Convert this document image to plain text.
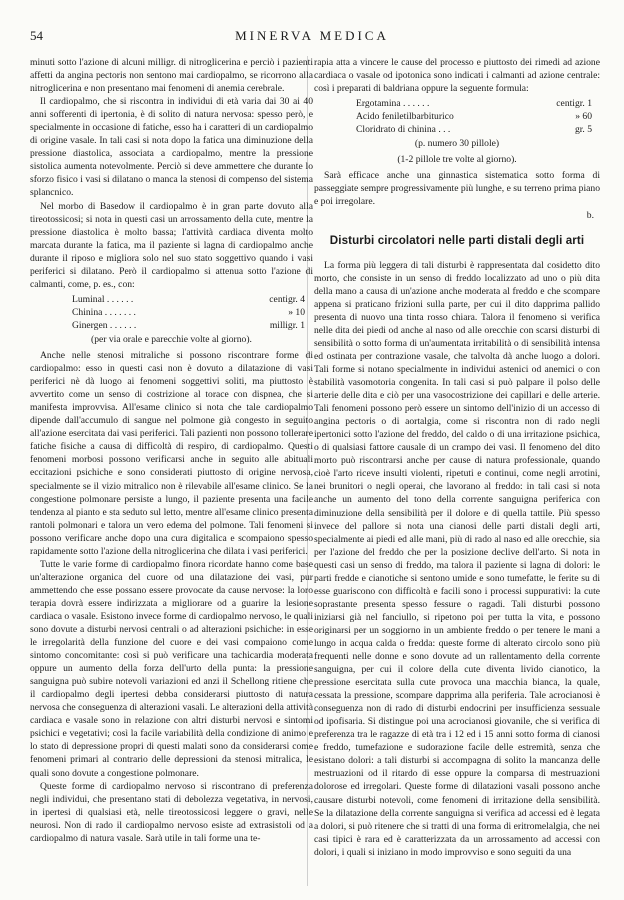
54	MINERVA MEDICA

minuti sotto l'azione di alcuni milligr. di nitroglicerina e perciò i pazienti affetti da angina pectoris non sentono mai cardiopalmo, se ricorrono alla nitroglicerina e non presentano mai fenomeni di anemia cerebrale.

Il cardiopalmo, che si riscontra in individui di età varia dai 30 ai 40 anni sofferenti di ipertonia, è di solito di natura nervosa: spesso però, e specialmente in occasione di fatiche, esso ha i caratteri di un cardiopalmo di origine vasale. In tali casi si nota dopo la fatica una diminuzione della pressione diastolica, associata a cardiopalmo, mentre la pressione sistolica aumenta notevolmente. Perciò si deve ammettere che durante lo sforzo fisico i vasi si dilatano o manca la stenosi di compenso del sistema splancnico.

Nel morbo di Basedow il cardiopalmo è in gran parte dovuto alla tireotossicosi; si nota in questi casi un arrossamento della cute, mentre la pressione diastolica è molto bassa; l'attività cardiaca diventa molto marcata durante la fatica, ma il paziente si lagna di cardiopalmo anche durante il riposo e migliora solo nel suo stato soggettivo quando i vasi periferici si dilatano. Però il cardiopalmo si attenua sotto l'azione di calmanti, come, p. es., con:

Luminal . . . . . .	centigr. 4
Chinina . . . . . . .	» 10
Ginergen . . . . . .	milligr. 1
(per via orale e parecchie volte al giorno).

Anche nelle stenosi mitraliche si possono riscontrare forme di cardiopalmo: esso in questi casi non è dovuto a dilatazione di vasi periferici nè dà luogo ai fenomeni soggettivi soliti, ma piuttosto è avvertito come un senso di costrizione al torace con dispnea, che si manifesta improvvisa. All'esame clinico si nota che tale cardiopalmo dipende dall'accumulo di sangue nel polmone già congesto in seguito all'azione esercitata dai vasi periferici. Tali pazienti non possono tollerare fatiche fisiche a causa di difficoltà di respiro, di cardiopalmo. Questi fenomeni morbosi possono verificarsi anche in seguito alle abituali eccitazioni psichiche e sono considerati piuttosto di origine nervosa, specialmente se il vizio mitralico non è rilevabile all'esame clinico. Se la congestione polmonare persiste a lungo, il paziente presenta una facile tendenza al pianto e sta seduto sul letto, mentre all'esame clinico presenta rantoli polmonari e talora un vero edema del polmone. Tali fenomeni si possono verificare anche dopo una cura digitalica e scompaiono spesso rapidamente sotto l'azione della nitroglicerina che dilata i vasi periferici.

Tutte le varie forme di cardiopalmo finora ricordate hanno come base un'alterazione organica del cuore od una dilatazione dei vasi, pur ammettendo che esse possano essere provocate da cause nervose: la loro terapia dovrà essere indirizzata a migliorare od a guarire la lesione cardiaca o vasale. Esistono invece forme di cardiopalmo nervoso, le quali sono dovute a disturbi nervosi centrali o ad alterazioni psichiche: in esse le irregolarità della funzione del cuore e dei vasi compaiono come sintomo concomitante: così si può verificare una tachicardia moderata oppure un aumento della forza dell'urto della punta: la pressione sanguigna può subire notevoli variazioni ed anzi il Schellong ritiene che il cardiopalmo degli ipertesi debba considerarsi piuttosto di natura nervosa che conseguenza di alterazioni vasali. Le alterazioni della attività cardiaca e vasale sono in relazione con altri disturbi nervosi e sintomi psichici e vegetativi; così la facile variabilità della condizione di animo e lo stato di depressione propri di questi malati sono da considerarsi come fenomeni primari al contrario delle depressioni da stenosi mitralica, le quali sono dovute a congestione polmonare.

Queste forme di cardiopalmo nervoso si riscontrano di preferenza negli individui, che presentano stati di debolezza vegetativa, in nervosi, in ipertesi di qualsiasi età, nelle tireotossicosi leggere o gravi, nelle neurosi. Non di rado il cardiopalmo nervoso esiste ad extrasistoli od a cardiopalmo di natura vasale. Sarà utile in tali forme una te-

rapia atta a vincere le cause del processo e piuttosto dei rimedi ad azione cardiaca o vasale od ipotonica sono indicati i calmanti ad azione centrale: così i preparati di baldriana oppure la seguente formula:

Ergotamina . . . . . .	centigr. 1
Acido feniletilbarbiturico	» 60
Cloridrato di chinina . . .	gr. 5
(p. numero 30 pillole)
(1-2 pillole tre volte al giorno).

Sarà efficace anche una ginnastica sistematica sotto forma di passeggiate sempre progressivamente più lunghe, e su terreno prima piano e poi irregolare.

b.
Disturbi circolatori nelle parti distali degli arti

La forma più leggera di tali disturbi è rappresentata dal cosidetto dito morto, che consiste in un senso di freddo localizzato ad uno o più dita della mano a causa di un'azione anche moderata al freddo e che scompare appena si praticano frizioni sulla parte, per cui il dito dapprima pallido presenta di nuovo una tinta rosso chiara. Talora il fenomeno si verifica nelle dita dei piedi od anche al naso od alle orecchie con scarsi disturbi di sensibilità o sotto forma di un'aumentata irritabilità o di sensibilità intensa ed ostinata per contrazione vasale, che talvolta dà anche luogo a dolori. Tali forme si notano specialmente in individui astenici od anemici o con stabilità vasomotoria congenita. In tali casi si può palpare il polso delle arterie delle dita e ciò per una vasocostrizione dei capillari e delle arterie. Tali fenomeni possono però essere un sintomo dell'inizio di un accesso di angina pectoris o di aortalgia, come si riscontra non di rado negli ipertonici sotto l'azione del freddo, del caldo o di una irritazione psichica, o di qualsiasi fattore causale di un crampo dei vasi. Il fenomeno del dito morto può riscontrarsi anche per cause di natura professionale, quando cioè l'arto riceve insulti violenti, ripetuti e continui, come negli arrotini, nei brunitori o negli operai, che lavorano al freddo: in tali casi si nota anche un aumento del tono della corrente sanguigna periferica con diminuzione della sensibilità per il dolore e di quella tattile. Più spesso invece del pallore si nota una cianosi delle parti distali degli arti, specialmente ai piedi ed alle mani, più di rado al naso ed alle orecchie, sia per l'azione del freddo che per la posizione declive dell'arto. Si nota in questi casi un senso di freddo, ma talora il paziente si lagna di dolori: le parti fredde e cianotiche si sentono umide e sono tumefatte, le ferite su di esse guariscono con difficoltà e facili sono i processi suppurativi: la cute soprastante presenta spesso fessure o ragadi. Tali disturbi possono iniziarsi già nel fanciullo, si ripetono poi per tutta la vita, e possono originarsi per un soggiorno in un ambiente freddo o per tenere le mani a lungo in acqua calda o fredda: queste forme di alterato circolo sono più frequenti nelle donne e sono dovute ad un rallentamento della corrente sanguigna, per cui il colore della cute diventa livido cianotico, la pressione esercitata sulla cute provoca una macchia bianca, la quale, cessata la pressione, scompare dapprima alla periferia. Tale acrocianosi è conseguenza non di rado di disturbi endocrini per insufficienza sessuale od ipofisaria. Si distingue poi una acrocianosi giovanile, che si verifica di preferenza tra le ragazze di età tra i 12 ed i 15 anni sotto forma di cianosi e freddo, tumefazione e sudorazione facile delle estremità, senza che esistano dolori: a tali disturbi si accompagna di solito la mancanza delle mestruazioni od il ritardo di esse oppure la comparsa di mestruazioni dolorose ed irregolari. Queste forme di dilatazioni vasali possono anche causare disturbi notevoli, come fenomeni di irritazione della sensibilità. Se la dilatazione della corrente sanguigna si verifica ad accessi ed è legata a dolori, si può ritenere che si tratti di una forma di eritromelalgia, che nei casi tipici è rara ed è caratterizzata da un arrossamento ad accessi con dolori, i quali si iniziano in modo improvviso e sono seguiti da una
